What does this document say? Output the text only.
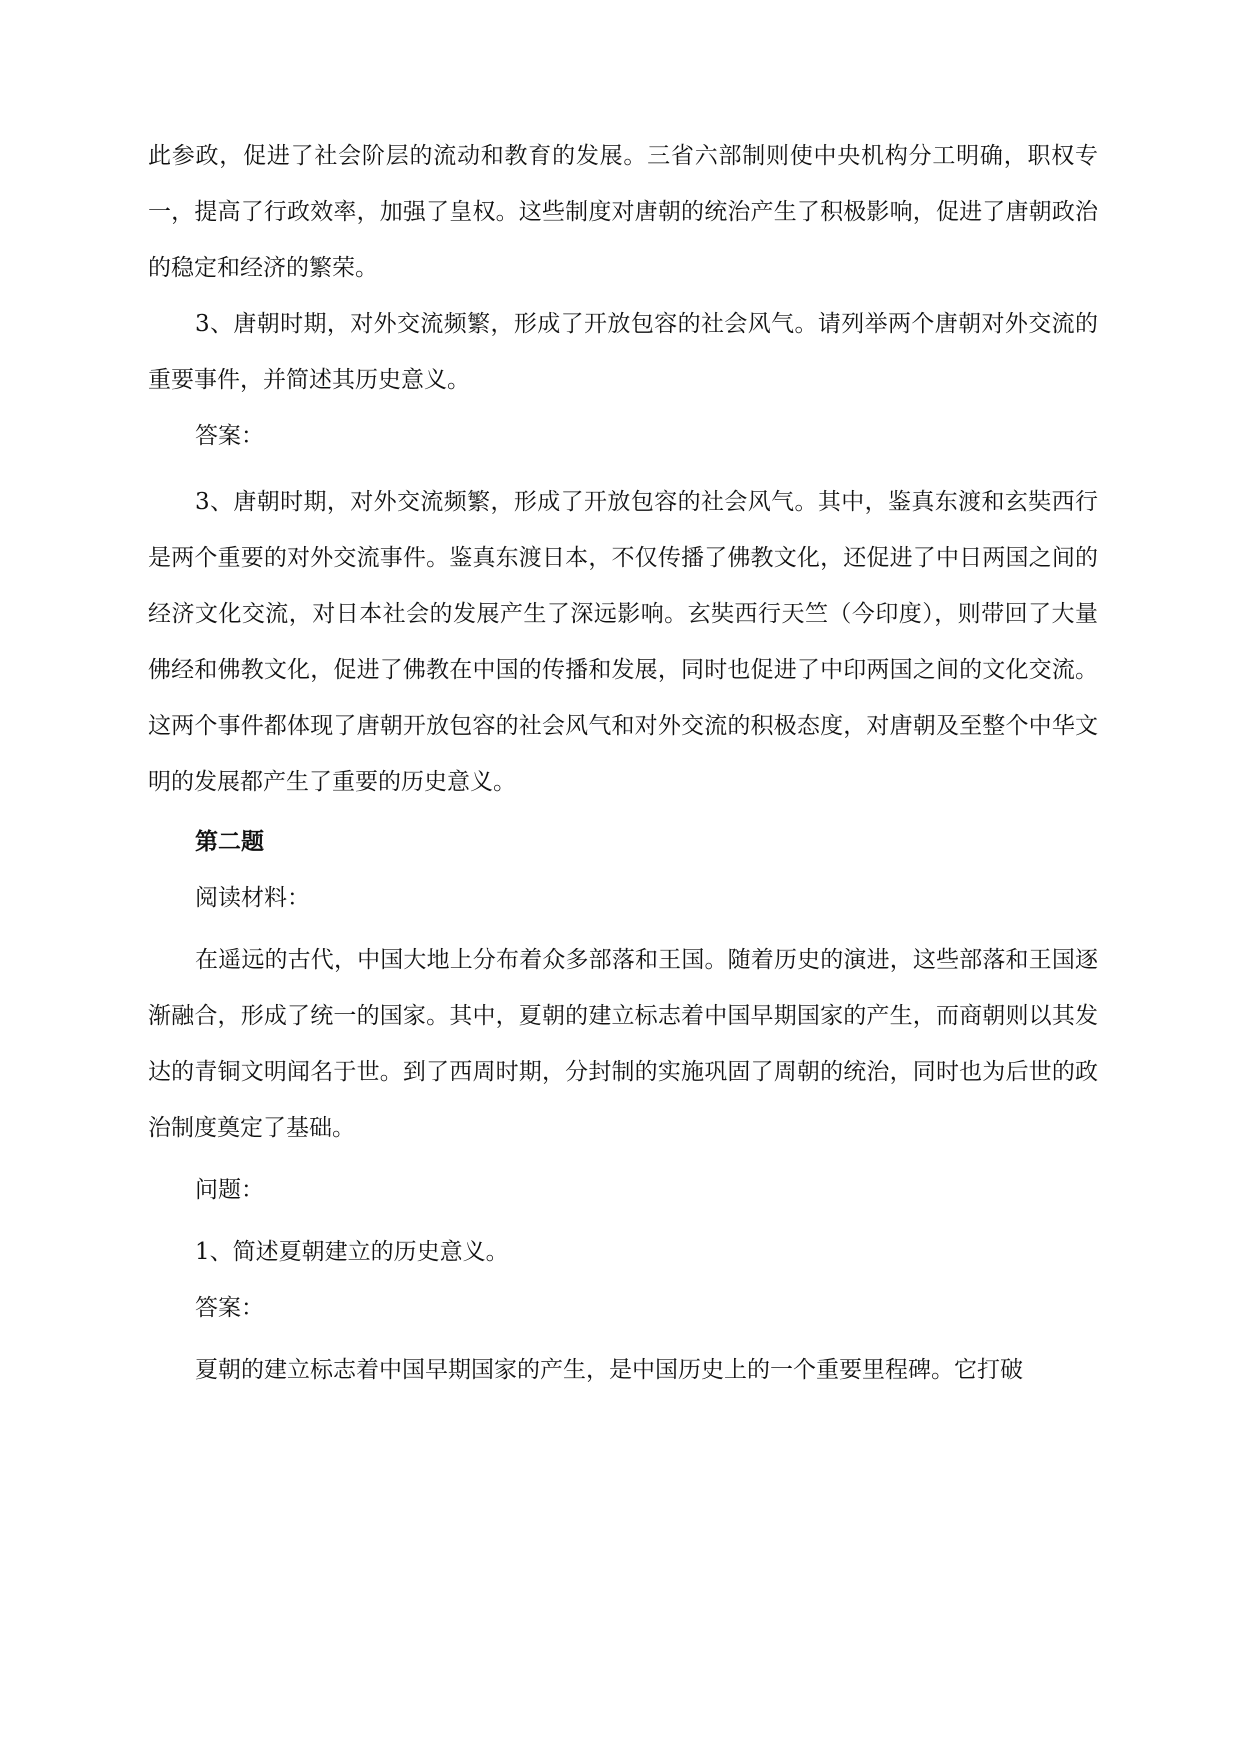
此参政，促进了社会阶层的流动和教育的发展。三省六部制则使中央机构分工明确，职权专一，提高了行政效率，加强了皇权。这些制度对唐朝的统治产生了积极影响，促进了唐朝政治的稳定和经济的繁荣。

3、唐朝时期，对外交流频繁，形成了开放包容的社会风气。请列举两个唐朝对外交流的重要事件，并简述其历史意义。

答案：

3、唐朝时期，对外交流频繁，形成了开放包容的社会风气。其中，鉴真东渡和玄奘西行是两个重要的对外交流事件。鉴真东渡日本，不仅传播了佛教文化，还促进了中日两国之间的经济文化交流，对日本社会的发展产生了深远影响。玄奘西行天竺（今印度），则带回了大量佛经和佛教文化，促进了佛教在中国的传播和发展，同时也促进了中印两国之间的文化交流。这两个事件都体现了唐朝开放包容的社会风气和对外交流的积极态度，对唐朝及至整个中华文明的发展都产生了重要的历史意义。

第二题

阅读材料：

在遥远的古代，中国大地上分布着众多部落和王国。随着历史的演进，这些部落和王国逐渐融合，形成了统一的国家。其中，夏朝的建立标志着中国早期国家的产生，而商朝则以其发达的青铜文明闻名于世。到了西周时期，分封制的实施巩固了周朝的统治，同时也为后世的政治制度奠定了基础。

问题：

1、简述夏朝建立的历史意义。

答案：

夏朝的建立标志着中国早期国家的产生，是中国历史上的一个重要里程碑。它打破
